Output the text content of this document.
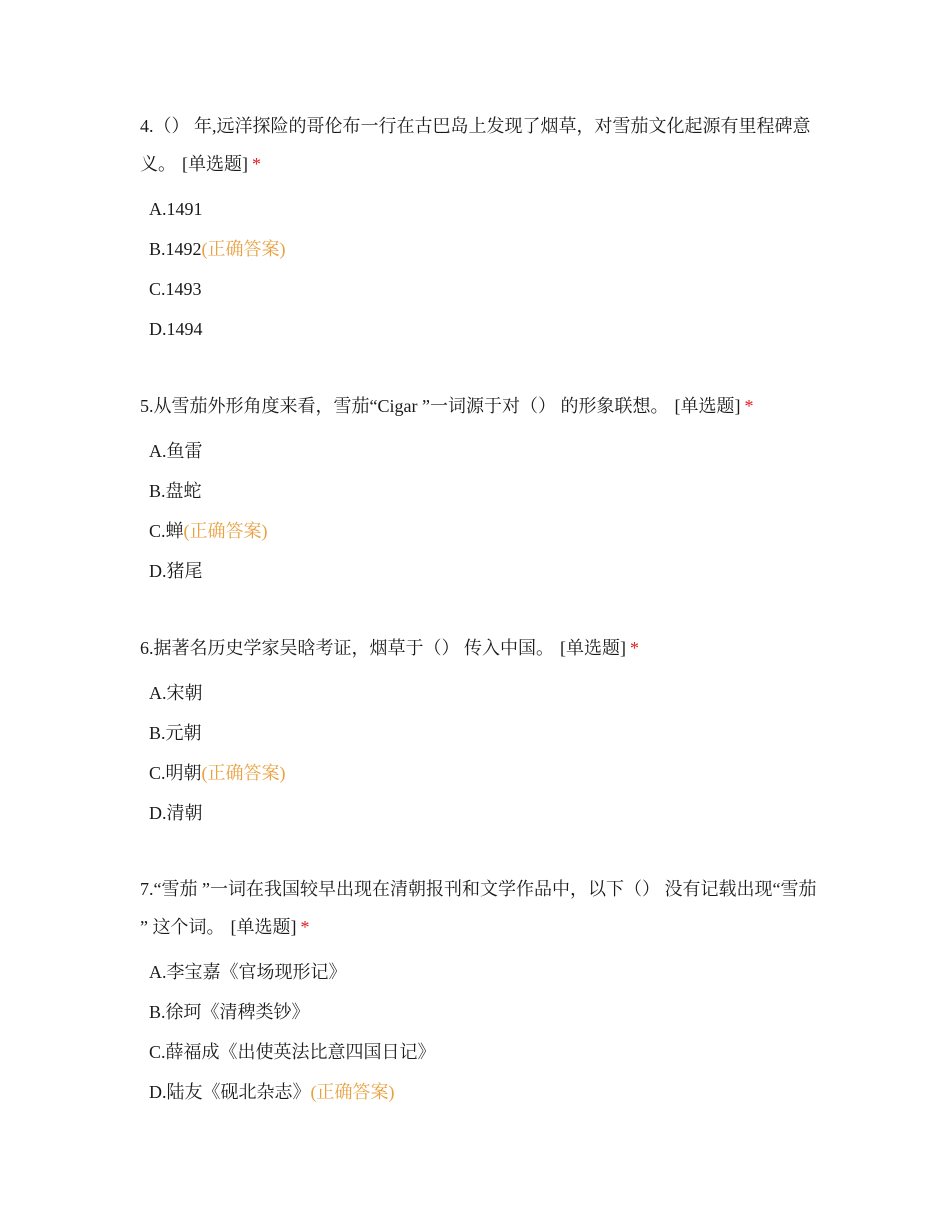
4.（） 年,远洋探险的哥伦布一行在古巴岛上发现了烟草，对雪茄文化起源有里程碑意义。 [单选题] *

A.1491
B.1492(正确答案)
C.1493
D.1494

5.从雪茄外形角度来看，雪茄“Cigar ”一词源于对（） 的形象联想。 [单选题] *

A.鱼雷
B.盘蛇
C.蝉(正确答案)
D.猪尾

6.据著名历史学家吴晗考证，烟草于（） 传入中国。 [单选题] *

A.宋朝
B.元朝
C.明朝(正确答案)
D.清朝

7.“雪茄 ”一词在我国较早出现在清朝报刊和文学作品中，以下（） 没有记载出现“雪茄 ” 这个词。 [单选题] *

A.李宝嘉《官场现形记》
B.徐珂《清稗类钞》
C.薛福成《出使英法比意四国日记》
D.陆友《砚北杂志》(正确答案)
